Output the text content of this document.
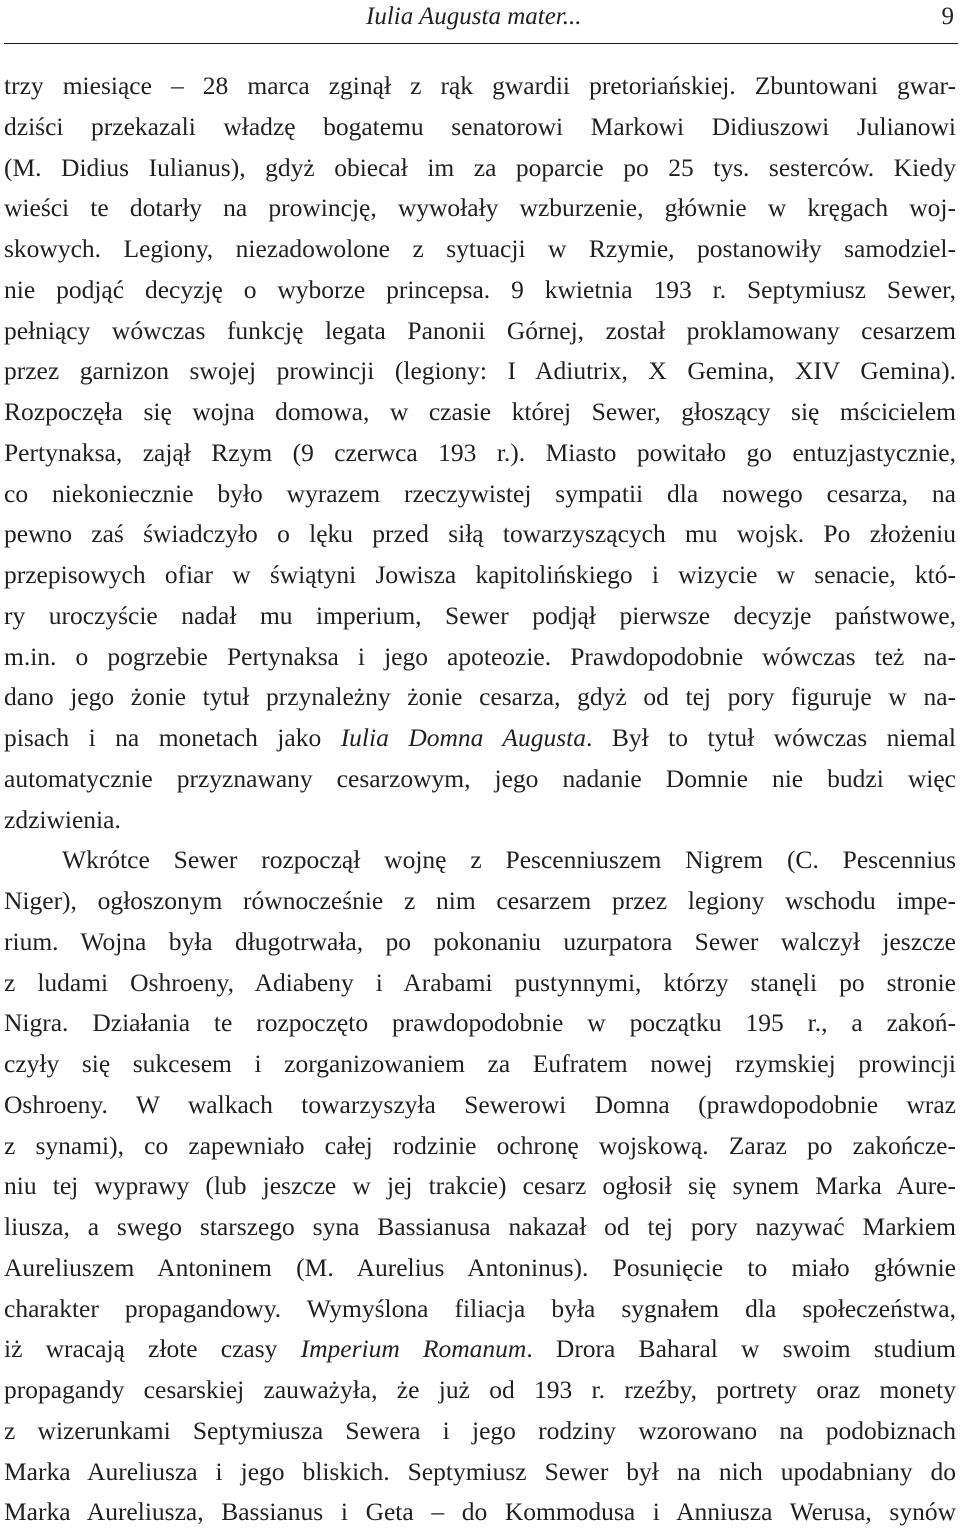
Iulia Augusta mater...	9
trzy miesiące – 28 marca zginął z rąk gwardii pretoriańskiej. Zbuntowani gwar-
dziści przekazali władzę bogatemu senatorowi Markowi Didiuszowi Julianowi
(M. Didius Iulianus), gdyż obiecał im za poparcie po 25 tys. sesterców. Kiedy
wieści te dotarły na prowincję, wywołały wzburzenie, głównie w kręgach woj-
skowych. Legiony, niezadowolone z sytuacji w Rzymie, postanowiły samodziel-
nie podjąć decyzję o wyborze princepsa. 9 kwietnia 193 r. Septymiusz Sewer,
pełniący wówczas funkcję legata Panonii Górnej, został proklamowany cesarzem
przez garnizon swojej prowincji (legiony: I Adiutrix, X Gemina, XIV Gemina).
Rozpoczęła się wojna domowa, w czasie której Sewer, głoszący się mścicielem
Pertynaksa, zajął Rzym (9 czerwca 193 r.). Miasto powitało go entuzjastycznie,
co niekoniecznie było wyrazem rzeczywistej sympatii dla nowego cesarza, na
pewno zaś świadczyło o lęku przed siłą towarzyszących mu wojsk. Po złożeniu
przepisowych ofiar w świątyni Jowisza kapitolińskiego i wizycie w senacie, któ-
ry uroczyście nadał mu imperium, Sewer podjął pierwsze decyzje państwowe,
m.in. o pogrzebie Pertynaksa i jego apoteozie. Prawdopodobnie wówczas też na-
dano jego żonie tytuł przynależny żonie cesarza, gdyż od tej pory figuruje w na-
pisach i na monetach jako Iulia Domna Augusta. Był to tytuł wówczas niemal
automatycznie przyznawany cesarzowym, jego nadanie Domnie nie budzi więc
zdziwienia.
Wkrótce Sewer rozpoczął wojnę z Pescenniuszem Nigrem (C. Pescennius
Niger), ogłoszonym równocześnie z nim cesarzem przez legiony wschodu impe-
rium. Wojna była długotrwała, po pokonaniu uzurpatora Sewer walczył jeszcze
z ludami Oshroeny, Adiabeny i Arabami pustynnymi, którzy stanęli po stronie
Nigra. Działania te rozpoczęto prawdopodobnie w początku 195 r., a zakoń-
czyły się sukcesem i zorganizowaniem za Eufratem nowej rzymskiej prowincji
Oshroeny. W walkach towarzyszyła Sewerowi Domna (prawdopodobnie wraz
z synami), co zapewniało całej rodzinie ochronę wojskową. Zaraz po zakończe-
niu tej wyprawy (lub jeszcze w jej trakcie) cesarz ogłosił się synem Marka Aure-
liusza, a swego starszego syna Bassianusa nakazał od tej pory nazywać Markiem
Aureliuszem Antoninem (M. Aurelius Antoninus). Posunięcie to miało głównie
charakter propagandowy. Wymyślona filiacja była sygnałem dla społeczeństwa,
iż wracają złote czasy Imperium Romanum. Drora Baharal w swoim studium
propagandy cesarskiej zauważyła, że już od 193 r. rzeźby, portrety oraz monety
z wizerunkami Septymiusza Sewera i jego rodziny wzorowano na podobiznach
Marka Aureliusza i jego bliskich. Septymiusz Sewer był na nich upodabniany do
Marka Aureliusza, Bassianus i Geta – do Kommodusa i Anniusza Werusa, synów
